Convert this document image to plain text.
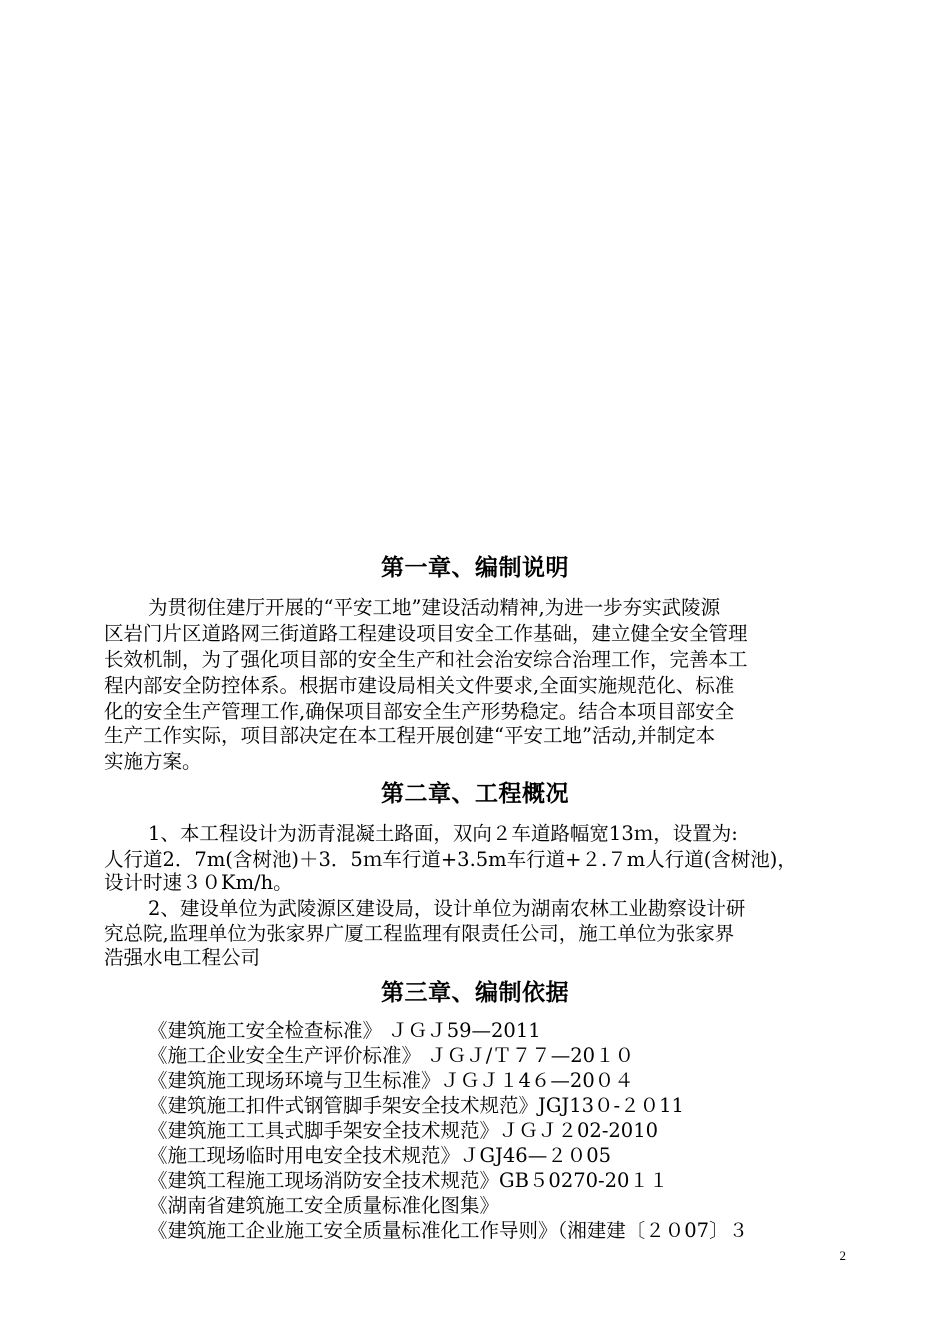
第一章、编制说明
为贯彻住建厅开展的“平安工地”建设活动精神,为进一步夯实武陵源
区岩门片区道路网三街道路工程建设项目安全工作基础，建立健全安全管理
长效机制，为了强化项目部的安全生产和社会治安综合治理工作，完善本工
程内部安全防控体系。根据市建设局相关文件要求,全面实施规范化、标准
化的安全生产管理工作,确保项目部安全生产形势稳定。结合本项目部安全
生产工作实际，项目部决定在本工程开展创建“平安工地”活动,并制定本
实施方案。
第二章、工程概况
1、本工程设计为沥青混凝土路面，双向２车道路幅宽13ｍ，设置为:
人行道2．7m(含树池)＋3．5ｍ车行道+3.5m车行道+２.７m人行道(含树池)，
设计时速３０Km/h。
2、建设单位为武陵源区建设局，设计单位为湖南农林工业勘察设计研
究总院,监理单位为张家界广厦工程监理有限责任公司，施工单位为张家界
浩强水电工程公司
第三章、编制依据
《建筑施工安全检查标准》 ＪＧＪ59—2011
《施工企业安全生产评价标准》 ＪＧＪ/Ｔ７７—20１０
《建筑施工现场环境与卫生标准》ＪＧＪ１4６—20０４
《建筑施工扣件式钢管脚手架安全技术规范》JGJ13０-２０11
《建筑施工工具式脚手架安全技术规范》ＪＧＪ２02-2010
《施工现场临时用电安全技术规范》ＪGJ46—２０05
《建筑工程施工现场消防安全技术规范》GB５0270-20１１
《湖南省建筑施工安全质量标准化图集》
《建筑施工企业施工安全质量标准化工作导则》（湘建建〔２０07〕３
2
